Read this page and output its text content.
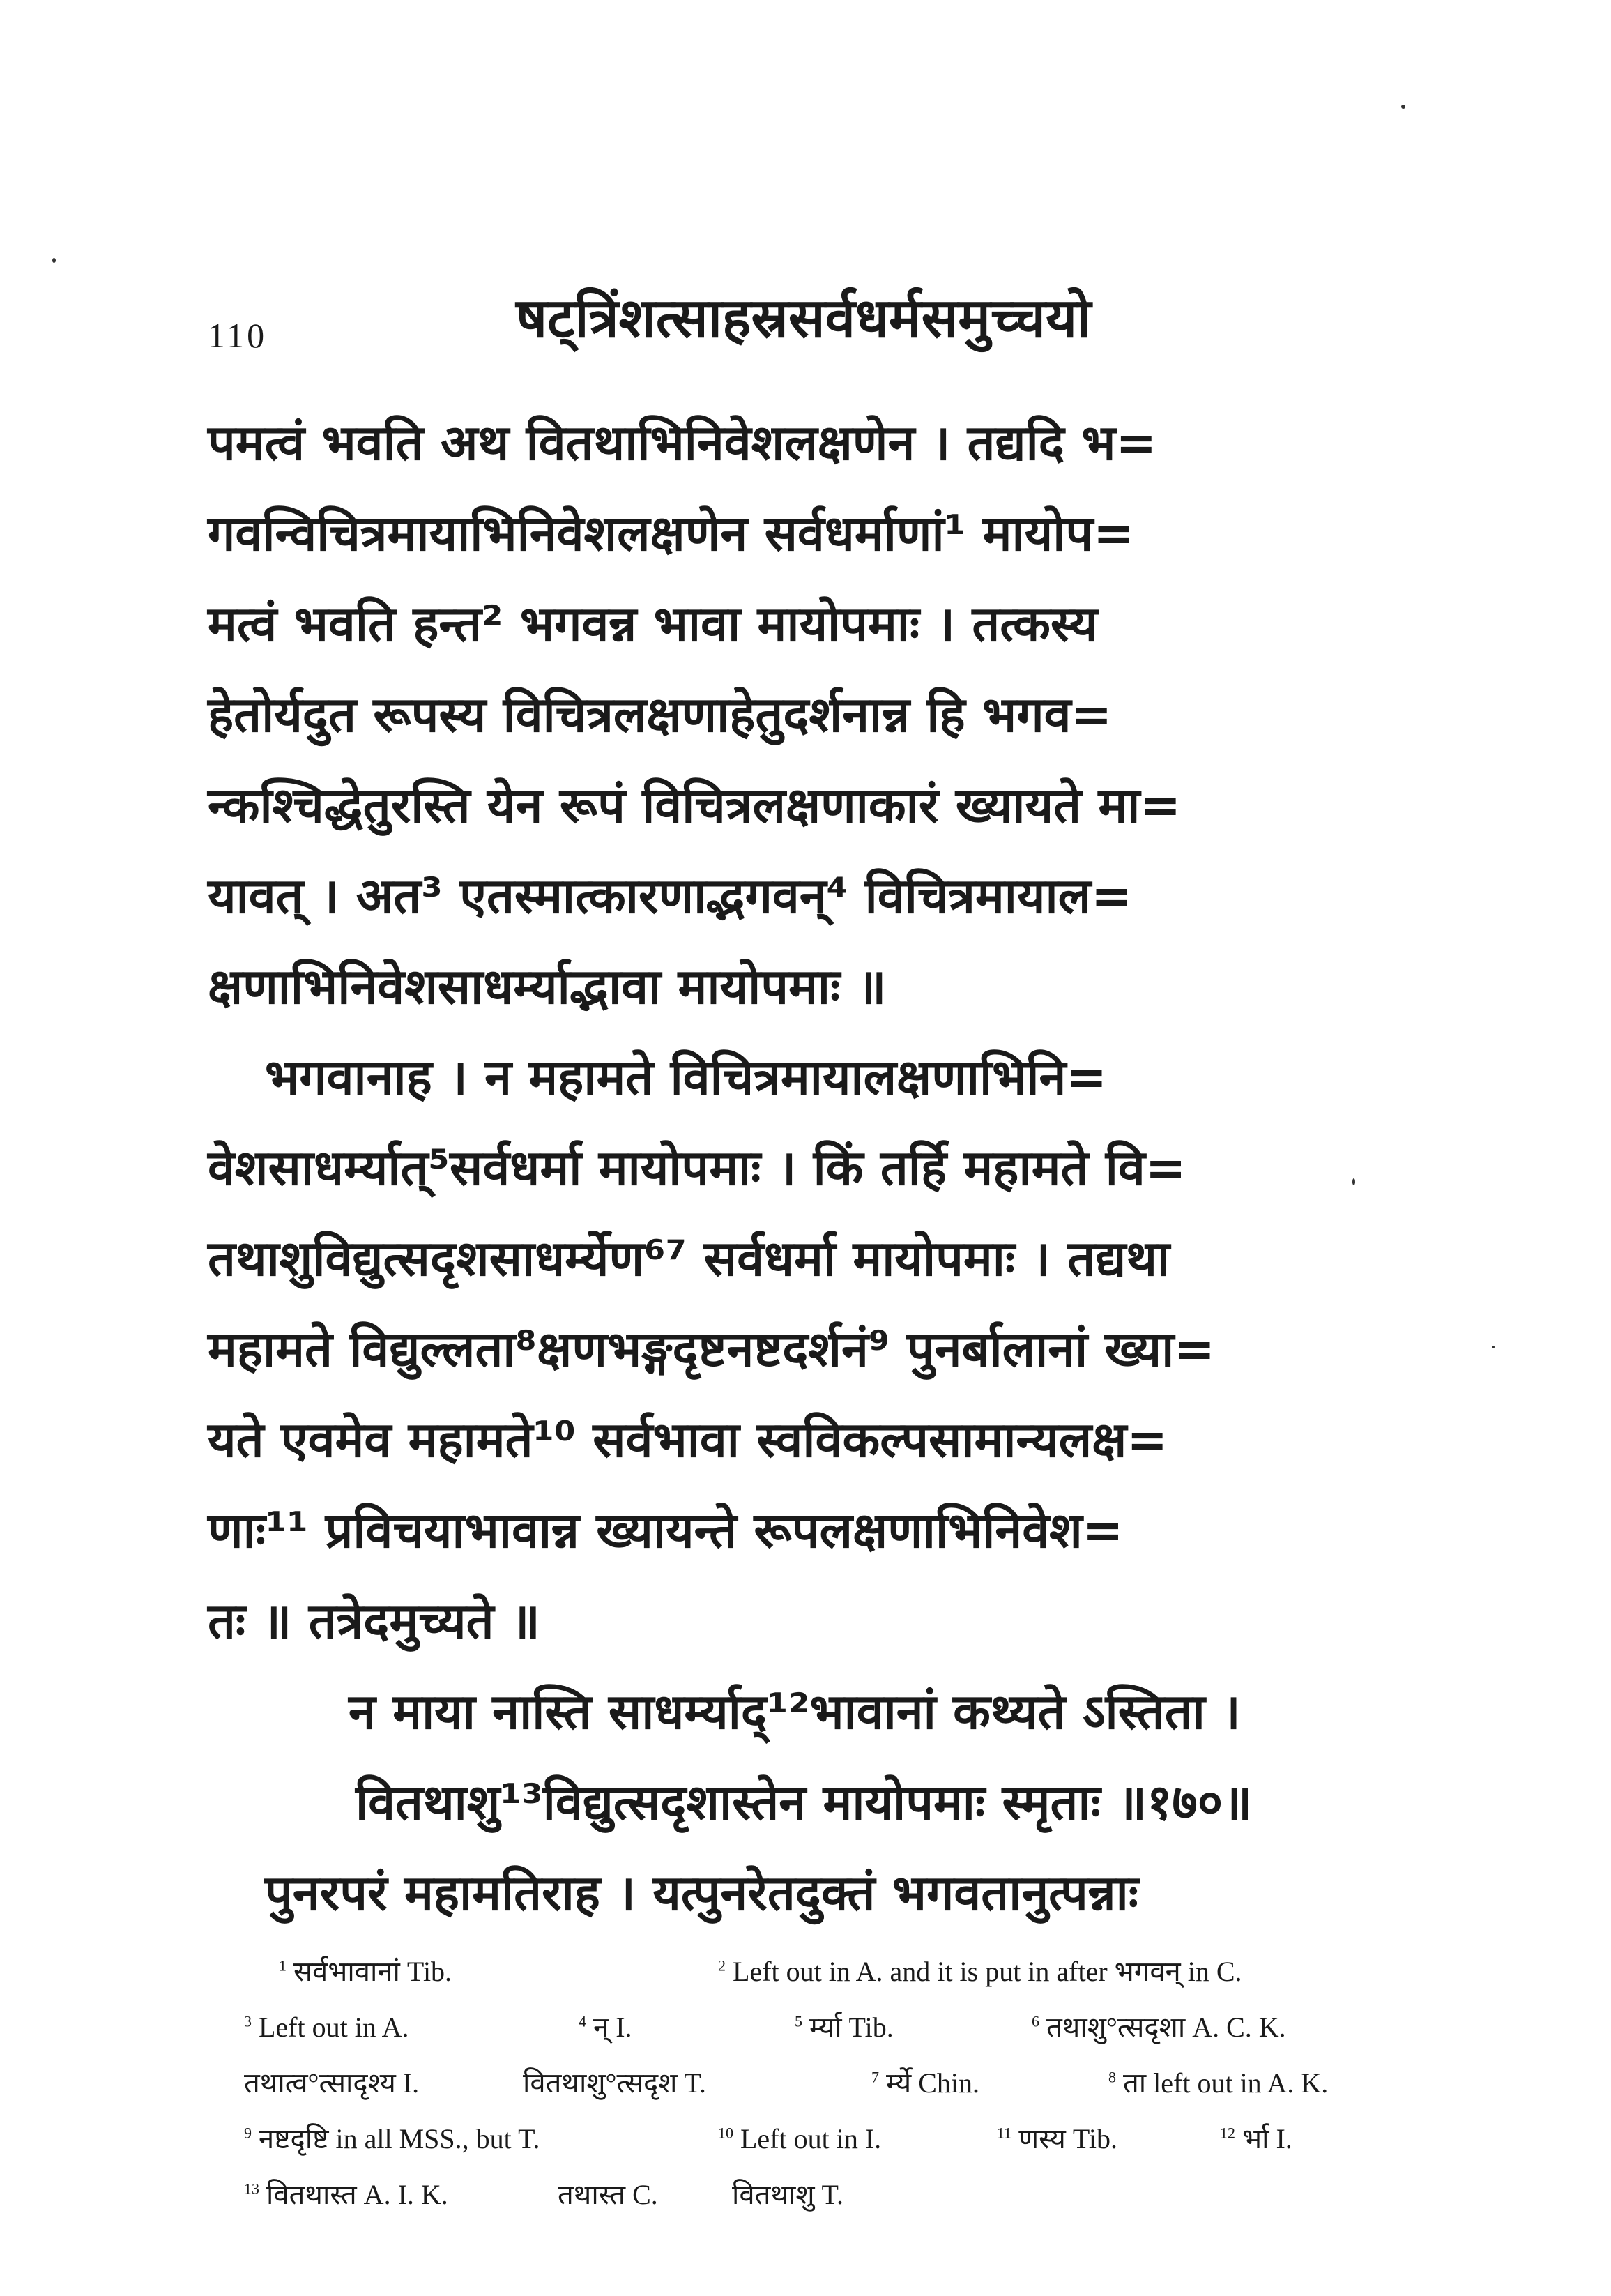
110	षट्त्रिंशत्साहस्रसर्वधर्मसमुच्चयो
पमत्वं भवति अथ वितथाभिनिवेशलक्षणेन । तद्यदि भ=
गवन्विचित्रमायाभिनिवेशलक्षणेन सर्वधर्माणां¹ मायोप=
मत्वं भवति हन्त² भगवन्न भावा मायोपमाः । तत्कस्य
हेतोर्यदुत रूपस्य विचित्रलक्षणाहेतुदर्शनान्न हि भगव=
न्कश्चिद्धेतुरस्ति येन रूपं विचित्रलक्षणाकारं ख्यायते मा=
यावत् । अत³ एतस्मात्कारणाद्भगवन्⁴ विचित्रमायाल=
क्षणाभिनिवेशसाधर्म्याद्भावा मायोपमाः ॥
भगवानाह । न महामते विचित्रमायालक्षणाभिनि=
वेशसाधर्म्यात्⁵सर्वधर्मा मायोपमाः । किं तर्हि महामते वि=
तथाशुविद्युत्सदृशसाधर्म्येण⁶⁷ सर्वधर्मा मायोपमाः । तद्यथा
महामते विद्युल्लता⁸क्षणभङ्गदृष्टनष्टदर्शनं⁹ पुनर्बालानां ख्या=
यते एवमेव महामते¹⁰ सर्वभावा स्वविकल्पसामान्यलक्ष=
णाः¹¹ प्रविचयाभावान्न ख्यायन्ते रूपलक्षणाभिनिवेश=
तः ॥ तत्रेदमुच्यते ॥
न माया नास्ति साधर्म्याद्¹²भावानां कथ्यते ऽस्तिता ।
वितथाशु¹³विद्युत्सदृशास्तेन मायोपमाः स्मृताः ॥१७०॥
पुनरपरं महामतिराह । यत्पुनरेतदुक्तं भगवतानुत्पन्नाः
$^1$ सर्वभावानां Tib.	$^2$ Left out in A. and it is put in after भगवन् in C.
$^3$ Left out in A.	$^4$ न् I.	$^5$ र्म्या Tib.	$^6$ तथाशु°त्सदृशा A. C. K.
तथात्व°त्सादृश्य I.	वितथाशु°त्सदृश T.	$^7$ र्म्ये Chin.	$^8$ ता left out in A. K.
$^9$ नष्टदृष्टि in all MSS., but T.	$^{10}$ Left out in I.	$^{11}$ णस्य Tib.	$^{12}$ र्भा I.
$^{13}$ वितथास्त A. I. K.	तथास्त C.	वितथाशु T.
